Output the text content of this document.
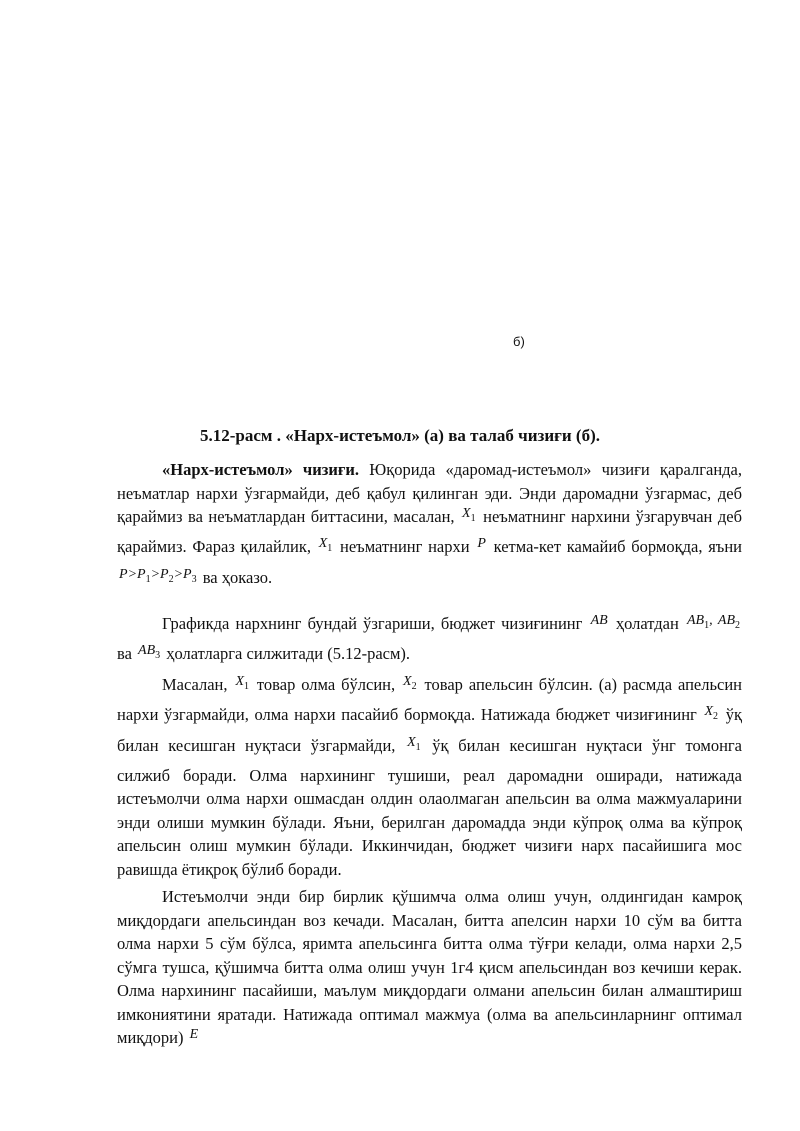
б)
5.12-расм . «Нарх-истеъмол» (а) ва талаб чизиғи (б).

«Нарх-истеъмол» чизиғи. Юқорида «даромад-истеъмол» чизиғи қаралганда, неъматлар нархи ўзгармайди, деб қабул қилинган эди. Энди даромадни ўзгармас, деб қараймиз ва неъматлардан биттасини, масалан, $^{X_1}$ неъматнинг нархини ўзгарувчан деб қараймиз. Фараз қилайлик, $^{X_1}$ неъматнинг нархи $^P$ кетма-кет камайиб бормоқда, яъни $^{P>P_1>P_2>P_3}$ ва ҳоказо.

Графикда нархнинг бундай ўзгариши, бюджет чизиғининг $^{AB}$ ҳолатдан $^{AB_1, AB_2}$ ва $^{AB_3}$ ҳолатларга силжитади (5.12-расм).

Масалан, $^{X_1}$ товар олма бўлсин, $^{X_2}$ товар апельсин бўлсин. (а) расмда апельсин нархи ўзгармайди, олма нархи пасайиб бормоқда. Натижада бюджет чизиғининг $^{X_2}$ ўқ билан кесишган нуқтаси ўзгармайди, $^{X_1}$ ўқ билан кесишган нуқтаси ўнг томонга силжиб боради. Олма нархининг тушиши, реал даромадни оширади, натижада истеъмолчи олма нархи ошмасдан олдин олаолмаган апельсин ва олма мажмуаларини энди олиши мумкин бўлади. Яъни, берилган даромадда энди кўпроқ олма ва кўпроқ апельсин олиш мумкин бўлади. Иккинчидан, бюджет чизиғи нарх пасайишига мос равишда ётиқроқ бўлиб боради.

Истеъмолчи энди бир бирлик қўшимча олма олиш учун, олдингидан камроқ миқдордаги апельсиндан воз кечади. Масалан, битта апелсин нархи 10 сўм ва битта олма нархи 5 сўм бўлса, яримта апельсинга битта олма тўғри келади, олма нархи 2,5 сўмга тушса, қўшимча битта олма олиш учун 1г4 қисм апельсиндан воз кечиши керак. Олма нархининг пасайиши, маълум миқдордаги олмани апельсин билан алмаштириш имкониятини яратади. Натижада оптимал мажмуа (олма ва апельсинларнинг оптимал миқдори) $^E$
